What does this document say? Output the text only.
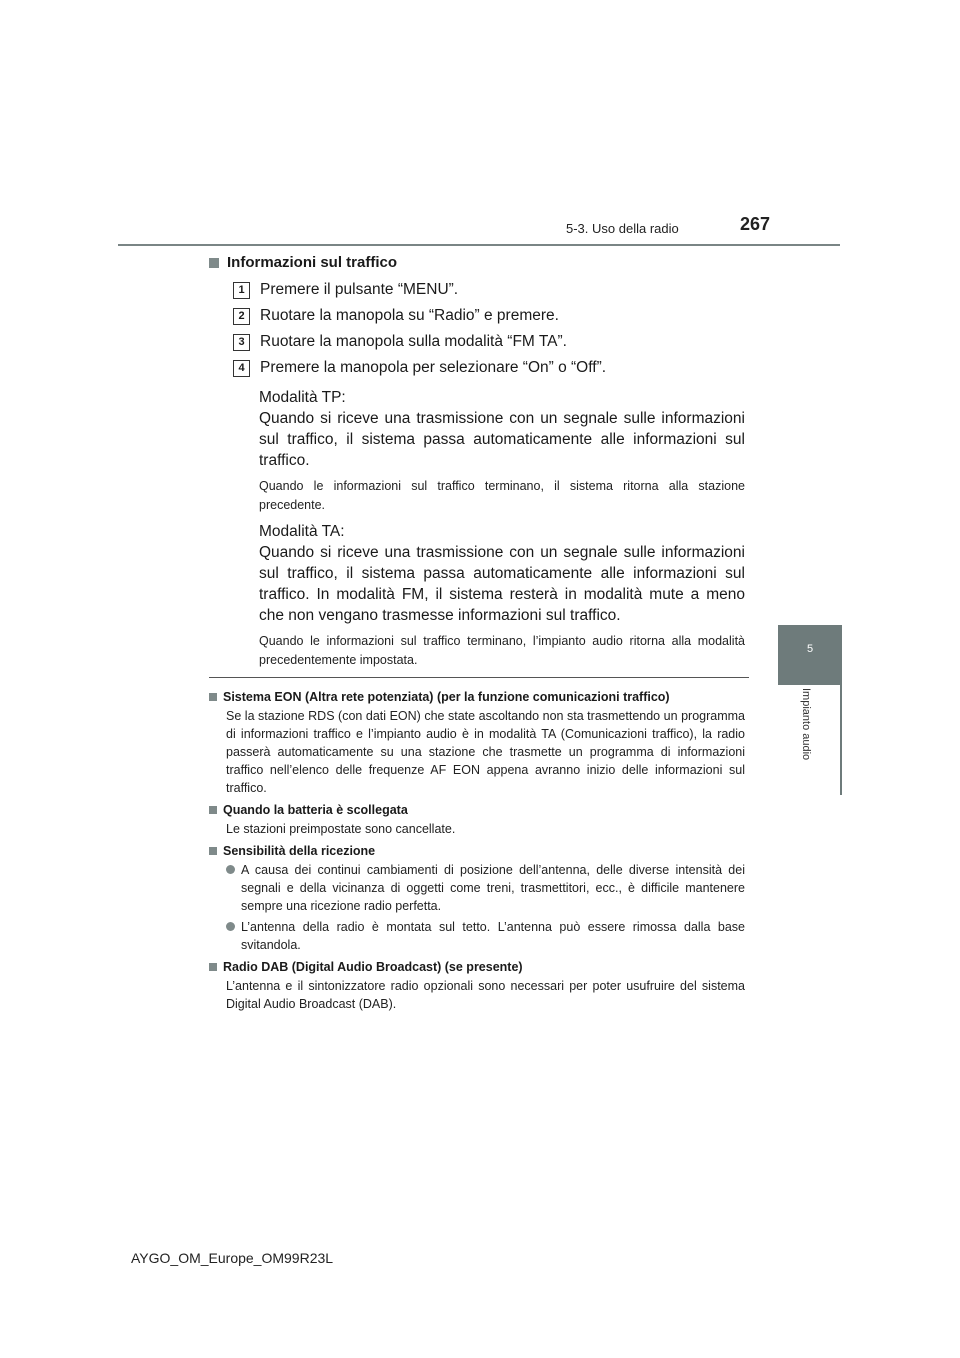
5-3. Uso della radio	267
5
Impianto audio
Informazioni sul traffico
1 Premere il pulsante “MENU”.
2 Ruotare la manopola su “Radio” e premere.
3 Ruotare la manopola sulla modalità “FM TA”.
4 Premere la manopola per selezionare “On” o “Off”.
Modalità TP:
Quando si riceve una trasmissione con un segnale sulle informazioni sul traffico, il sistema passa automaticamente alle informazioni sul traffico.
Quando le informazioni sul traffico terminano, il sistema ritorna alla stazione precedente.
Modalità TA:
Quando si riceve una trasmissione con un segnale sulle informazioni sul traffico, il sistema passa automaticamente alle informazioni sul traffico. In modalità FM, il sistema resterà in modalità mute a meno che non vengano trasmesse informazioni sul traffico.
Quando le informazioni sul traffico terminano, l’impianto audio ritorna alla modalità precedentemente impostata.
Sistema EON (Altra rete potenziata) (per la funzione comunicazioni traffico)
Se la stazione RDS (con dati EON) che state ascoltando non sta trasmettendo un programma di informazioni traffico e l’impianto audio è in modalità TA (Comunicazioni traffico), la radio passerà automaticamente su una stazione che trasmette un programma di informazioni traffico nell’elenco delle frequenze AF EON appena avranno inizio delle informazioni sul traffico.
Quando la batteria è scollegata
Le stazioni preimpostate sono cancellate.
Sensibilità della ricezione
A causa dei continui cambiamenti di posizione dell’antenna, delle diverse intensità dei segnali e della vicinanza di oggetti come treni, trasmettitori, ecc., è difficile mantenere sempre una ricezione radio perfetta.
L’antenna della radio è montata sul tetto. L’antenna può essere rimossa dalla base svitandola.
Radio DAB (Digital Audio Broadcast) (se presente)
L’antenna e il sintonizzatore radio opzionali sono necessari per poter usufruire del sistema Digital Audio Broadcast (DAB).
AYGO_OM_Europe_OM99R23L
